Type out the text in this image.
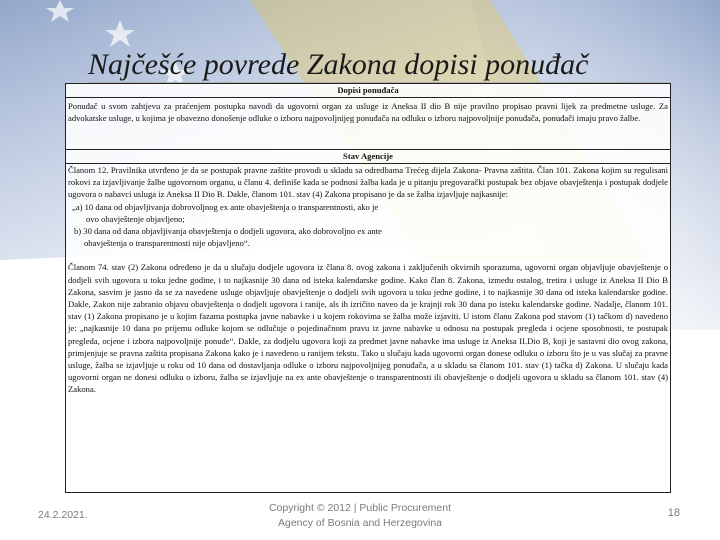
Najčešće povrede Zakona dopisi ponuđač
Dopisi ponuđača
Ponuđač u svom zahtjevu za praćenjem postupka navodi da ugovorni organ za usluge iz Aneksa II dio B nije pravilno propisao pravni lijek za predmetne usluge. Za advokatske usluge, u kojima je obavezno donošenje odluke o izboru najpovoljnijeg ponuđača na odluku o izboru najpovoljnije ponuđača, ponuđači imaju pravo žalbe.
Stav Agencije

Članom 12. Pravilnika utvrđeno je da se postupak pravne zaštite provodi u skladu sa odredbama Trećeg dijela Zakona- Pravna zaštita. Član 101. Zakona kojim su regulisani rokovi za izjavljivanje žalbe ugovornom organu, u članu 4. definiše kada se podnosi žalba kada je u pitanju pregovarački postupak bez objave obavještenja i postupak dodjele ugovora o nabavci usluga iz Aneksa II Dio B. Dakle, članom 101. stav (4) Zakona propisano je da se žalba izjavljuje najkasnije:

„a) 10 dana od objavljivanja dobrovoljnog ex ante obavještenja o transparentnosti, ako je

ovo obavještenje objavljeno;

b) 30 dana od dana objavljivanja obavještenja o dodjeli ugovora, ako dobrovoljno ex ante

obavještenja o transparentnosti nije objavljeno“.

Članom 74. stav (2) Zakona određeno je da u slučaju dodjele ugovora iz člana 8. ovog zakona i zaključenih okvirnih sporazuma, ugovorni organ objavljuje obavještenje o dodjeli svih ugovora u toku jedne godine, i to najkasnije 30 dana od isteka kalendarske godine. Kako član 8. Zakona, između ostalog, tretira i usluge iz Aneksa II Dio B Zakona, sasvim je jasno da se za navedene usluge objavljuje obavještenje o dodjeli svih ugovora u toku jedne godine, i to najkasnije 30 dana od isteka kalendarske godine. Dakle, Zakon nije zabranio objavu obavještenja o dodjeli ugovora i ranije, als ih izričito naveo da je krajnji rok 30 dana po isteku kalendarske godine. Nadalje, članom 101. stav (1) Zakona propisano je u kojim fazama postupka javne nabavke i u kojem rokovima se žalba može izjaviti. U istom članu Zakona pod stavom (1) tačkom d) navedeno je: „najkasnije 10 dana po prijemu odluke kojom se odlučuje o pojedinačnom pravu iz javne nabavke u odnosu na postupak pregleda i ocjene sposobnosti, te postupak pregleda, ocjene i izbora najpovoljnije ponude“. Dakle, za dodjelu ugovora koji za predmet javne nabavke ima usluge iz Aneksa II.Dio B, koji je sastavni dio ovog zakona, primjenjuje se pravna zaštita propisana Zakona kako je i navedeno u ranijem tekstu. Tako u slučaju kada ugovorni organ donese odluku o izboru što je u vas slučaj za pravne usluge, žalba se izjavljuje u roku od 10 dana od dostavljanja odluke o izboru najpovoljnijeg ponuđača, a u skladu sa članom 101. stav (1) tačka d) Zakona. U slučaju kada ugovorni organ ne donesi odluku o izboru, žalba se izjavljuje na ex ante obavještenje o transparentnosti ili obavještenje o dodjeli ugovora u skladu sa članom 101. stav (4) Zakona.

24.2.2021.
Copyright © 2012 | Public Procurement
Agency of Bosnia and Herzegovina
18
